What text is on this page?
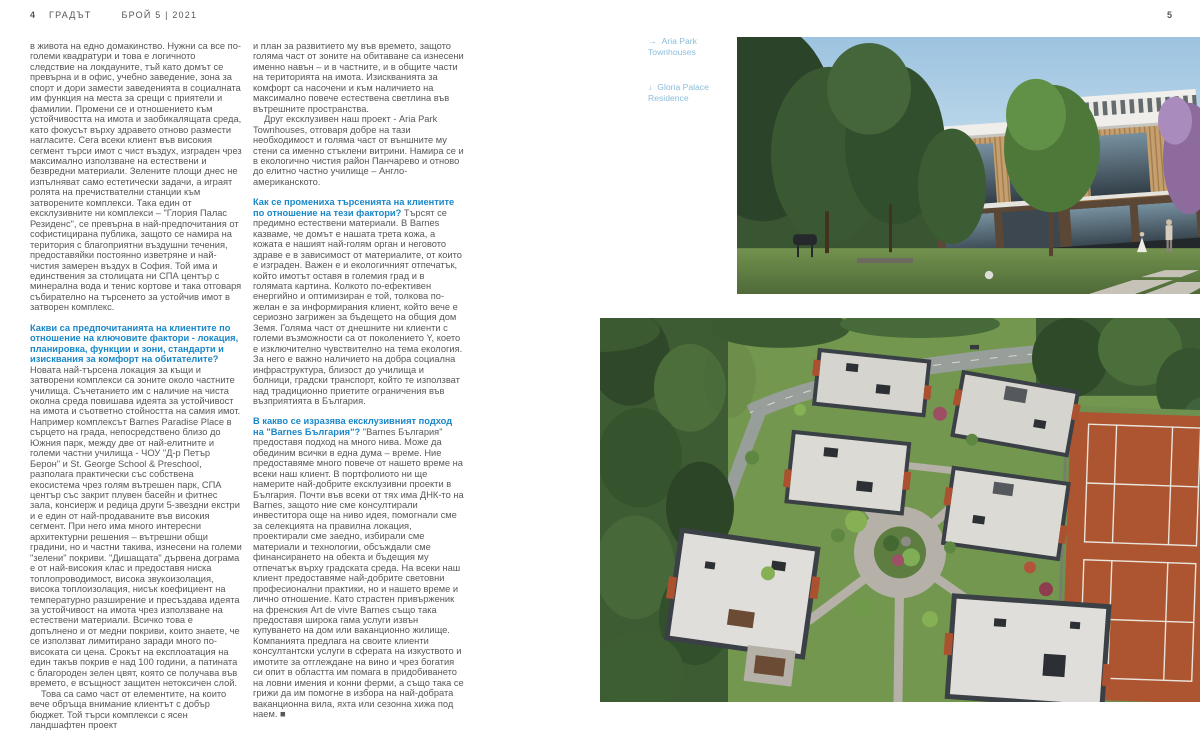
4 ГРАДЪТ	БРОЙ 5 | 2021	5
в живота на едно домакинство. Нужни са все по-големи квадратури и това е логичното следствие на локдауните, тъй като домът се превърна и в офис, учебно заведение, зона за спорт и дори замести заведенията в социалната им функция на места за срещи с приятели и фамилии. Промени се и отношението към устойчивостта на имота и заобикалящата среда, като фокусът върху здравето отново размести нагласите. Сега всеки клиент във високия сегмент търси имот с чист въздух, изграден чрез максимално използване на естествени и безвредни материали. Зелените площи днес не изпълняват само естетически задачи, а играят ролята на пречиствателни станции към затворените комплекси. Така един от ексклузивните ни комплекси – "Глория Палас Резиденс", се превърна в най-предпочитания от софистицирана публика, защото се намира на територия с благоприятни въздушни течения, предоставяйки постоянно изветряне и най-чистия замерен въздух в София. Той има и единствения за столицата ни СПА център с минерална вода и тенис кортове и така отговаря събирателно на търсенето за устойчив имот в затворен комплекс.
Какви са предпочитанията на клиентите по отношение на ключовите фактори - локация, планировка, функции и зони, стандарти и изисквания за комфорт на обитателите?
Новата най-търсена локация за къщи и затворени комплекси са зоните около частните училища. Съчетанието им с наличие на чиста околна среда повишава идеята за устойчивост на имота и съответно стойността на самия имот. Например комплексът Barnes Paradise Place в сърцето на града, непосредствено близо до Южния парк, между две от най-елитните и големи частни училища - ЧОУ "Д-р Петър Берон" и St. George School & Preschool, разполага практически със собствена екосистема чрез голям вътрешен парк, СПА център със закрит плувен басейн и фитнес зала, консиерж и редица други 5-звездни екстри и е един от най-продаваните във високия сегмент. При него има много интересни архитектурни решения – вътрешни общи градини, но и частни такива, изнесени на големи "зелени" покриви. "Дишащата" дървена дограма е от най-високия клас и предоставя ниска топлопроводимост, висока звукоизолация, висока топлоизолация, нисък коефициент на температурно разширение и пресъздава идеята за устойчивост на имота чрез използване на естествени материали. Всичко това е допълнено и от медни покриви, които знаете, че се използват лимитирано заради много по-високата си цена. Срокът на експлоатация на един такъв покрив е над 100 години, а патината с благороден зелен цвят, която се получава във времето, е всъщност защитен нетоксичен слой.
Това са само част от елементите, на които вече обръща внимание клиентът с добър бюджет. Той търси комплекси с ясен ландшафтен проект
и план за развитието му във времето, защото голяма част от зоните на обитаване са изнесени именно навън – и в частните, и в общите части на територията на имота. Изискванията за комфорт са насочени и към наличието на максимално повече естествена светлина във вътрешните пространства.
Друг ексклузивен наш проект - Aria Park Townhouses, отговаря добре на тази необходимост и голяма част от външните му стени са именно стъклени витрини. Намира се и в екологично чистия район Панчарево и отново до елитно частно училище – Англо-американското.
Как се промениха търсенията на клиентите по отношение на тези фактори? Търсят се предимно естествени материали. В Barnes казваме, че домът е нашата трета кожа, а кожата е нашият най-голям орган и неговото здраве е в зависимост от материалите, от които е изграден. Важен е и екологичният отпечатък, който имотът оставя в големия град и в голямата картина. Колкото по-ефективен енергийно и оптимизиран е той, толкова по-желан е за информирания клиент, който вече е сериозно загрижен за бъдещето на общия дом Земя. Голяма част от днешните ни клиенти с големи възможности са от поколението Y, което е изключително чувствително на тема екология. За него е важно наличието на добра социална инфраструктура, близост до училища и болници, градски транспорт, който те използват над традиционно приетите ограничения във възприятията в България.
В какво се изразява ексклузивният подход на "Barnes България"? "Barnes България" предоставя подход на много нива. Може да обединим всички в една дума – време. Ние предоставяме много повече от нашето време на всеки наш клиент. В портфолиото ни ще намерите най-добрите ексклузивни проекти в България. Почти във всеки от тях има ДНК-то на Barnes, защото ние сме консултирали инвеститора още на ниво идея, помогнали сме за селекцията на правилна локация, проектирали сме заедно, избирали сме материали и технологии, обсъждали сме финансирането на обекта и бъдещия му отпечатък върху градската среда. На всеки наш клиент предоставяме най-добрите световни професионални практики, но и нашето време и лично отношение. Като страстен привърженик на френския Art de vivre Barnes също така предоставя широка гама услуги извън купуването на дом или ваканционно жилище. Компанията предлага на своите клиенти консултантски услуги в сферата на изкуството и имотите за отглеждане на вино и чрез богатия си опит в областта им помага в придобиването на ловни имения и конни ферми, а също така се грижи да им помогне в избора на най-добрата ваканционна вила, яхта или сезонна хижа под наем. ■
→ Aria Park Townhouses
↓ Gloria Palace Residence
